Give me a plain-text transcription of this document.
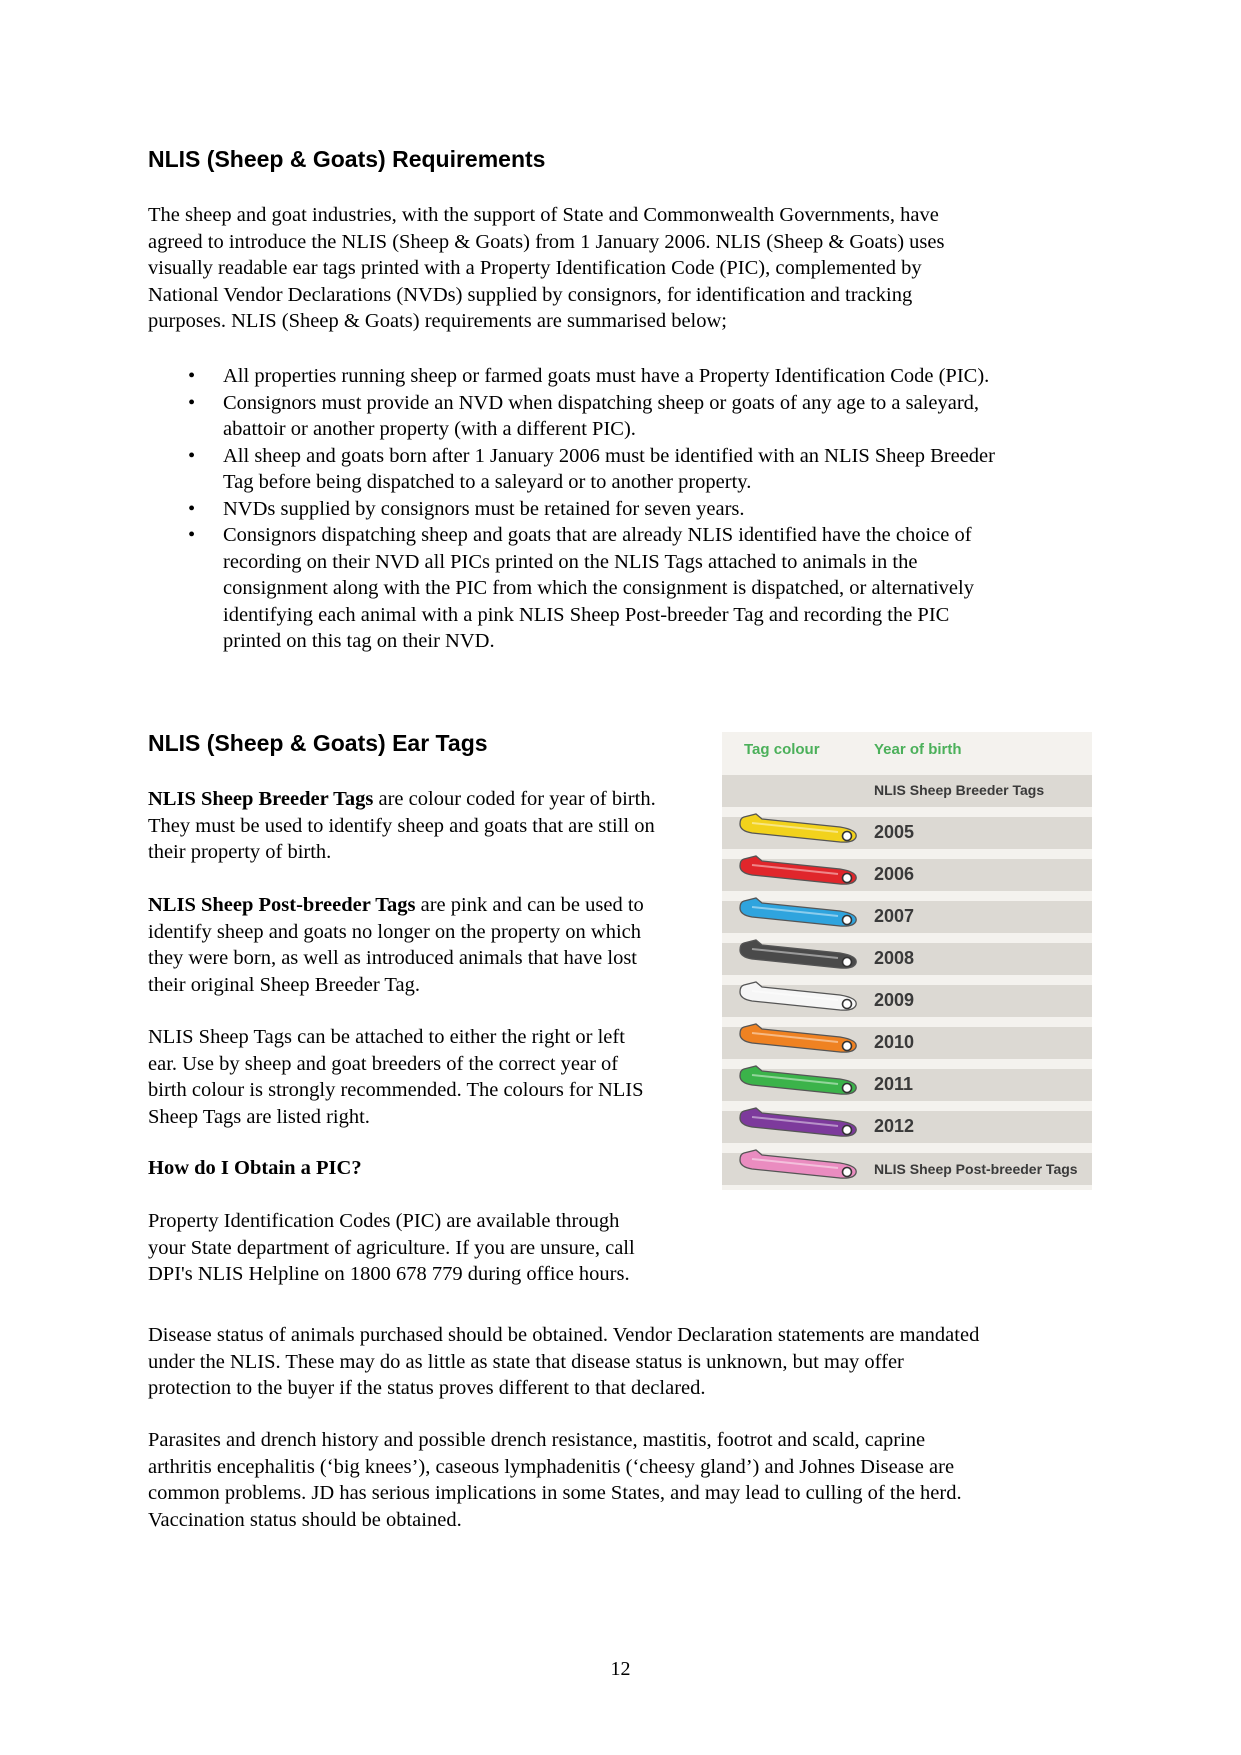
NLIS (Sheep & Goats) Requirements
The sheep and goat industries, with the support of State and Commonwealth Governments, have
agreed to introduce the NLIS (Sheep & Goats) from 1 January 2006. NLIS (Sheep & Goats) uses
visually readable ear tags printed with a Property Identification Code (PIC), complemented by
National Vendor Declarations (NVDs) supplied by consignors, for identification and tracking
purposes. NLIS (Sheep & Goats) requirements are summarised below;
• All properties running sheep or farmed goats must have a Property Identification Code (PIC).
• Consignors must provide an NVD when dispatching sheep or goats of any age to a saleyard,
abattoir or another property (with a different PIC).
• All sheep and goats born after 1 January 2006 must be identified with an NLIS Sheep Breeder
Tag before being dispatched to a saleyard or to another property.
• NVDs supplied by consignors must be retained for seven years.
• Consignors dispatching sheep and goats that are already NLIS identified have the choice of
recording on their NVD all PICs printed on the NLIS Tags attached to animals in the
consignment along with the PIC from which the consignment is dispatched, or alternatively
identifying each animal with a pink NLIS Sheep Post-breeder Tag and recording the PIC
printed on this tag on their NVD.
NLIS (Sheep & Goats) Ear Tags
NLIS Sheep Breeder Tags are colour coded for year of birth.
They must be used to identify sheep and goats that are still on
their property of birth.
NLIS Sheep Post-breeder Tags are pink and can be used to
identify sheep and goats no longer on the property on which
they were born, as well as introduced animals that have lost
their original Sheep Breeder Tag.
NLIS Sheep Tags can be attached to either the right or left
ear. Use by sheep and goat breeders of the correct year of
birth colour is strongly recommended. The colours for NLIS
Sheep Tags are listed right.
How do I Obtain a PIC?
Property Identification Codes (PIC) are available through
your State department of agriculture. If you are unsure, call
DPI's NLIS Helpline on 1800 678 779 during office hours.
Tag colour	Year of birth
NLIS Sheep Breeder Tags
2005
2006
2007
2008
2009
2010
2011
2012
NLIS Sheep Post-breeder Tags
Disease status of animals purchased should be obtained. Vendor Declaration statements are mandated
under the NLIS. These may do as little as state that disease status is unknown, but may offer
protection to the buyer if the status proves different to that declared.
Parasites and drench history and possible drench resistance, mastitis, footrot and scald, caprine
arthritis encephalitis (‘big knees’), caseous lymphadenitis (‘cheesy gland’) and Johnes Disease are
common problems. JD has serious implications in some States, and may lead to culling of the herd.
Vaccination status should be obtained.
12
